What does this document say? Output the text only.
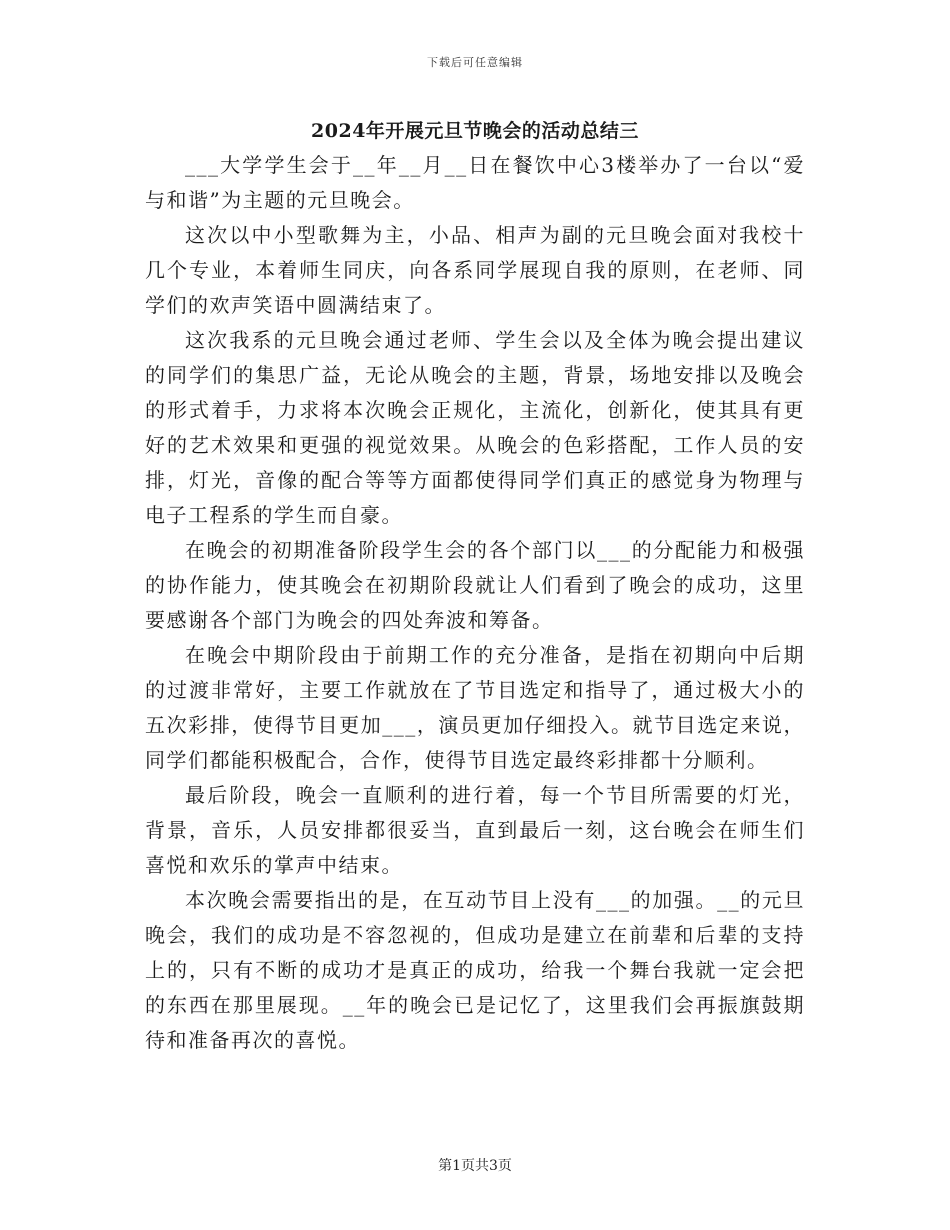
下载后可任意编辑
2024年开展元旦节晚会的活动总结三

___大学学生会于__年__月__日在餐饮中心3楼举办了一台以“爱与和谐”为主题的元旦晚会。

这次以中小型歌舞为主，小品、相声为副的元旦晚会面对我校十几个专业，本着师生同庆，向各系同学展现自我的原则，在老师、同学们的欢声笑语中圆满结束了。

这次我系的元旦晚会通过老师、学生会以及全体为晚会提出建议的同学们的集思广益，无论从晚会的主题，背景，场地安排以及晚会的形式着手，力求将本次晚会正规化，主流化，创新化，使其具有更好的艺术效果和更强的视觉效果。从晚会的色彩搭配，工作人员的安排，灯光，音像的配合等等方面都使得同学们真正的感觉身为物理与电子工程系的学生而自豪。

在晚会的初期准备阶段学生会的各个部门以___的分配能力和极强的协作能力，使其晚会在初期阶段就让人们看到了晚会的成功，这里要感谢各个部门为晚会的四处奔波和筹备。

在晚会中期阶段由于前期工作的充分准备，是指在初期向中后期的过渡非常好，主要工作就放在了节目选定和指导了，通过极大小的五次彩排，使得节目更加___，演员更加仔细投入。就节目选定来说，同学们都能积极配合，合作，使得节目选定最终彩排都十分顺利。

最后阶段，晚会一直顺利的进行着，每一个节目所需要的灯光，背景，音乐，人员安排都很妥当，直到最后一刻，这台晚会在师生们喜悦和欢乐的掌声中结束。

本次晚会需要指出的是，在互动节目上没有___的加强。__的元旦晚会，我们的成功是不容忽视的，但成功是建立在前辈和后辈的支持上的，只有不断的成功才是真正的成功，给我一个舞台我就一定会把的东西在那里展现。__年的晚会已是记忆了，这里我们会再振旗鼓期待和准备再次的喜悦。

第1页共3页
